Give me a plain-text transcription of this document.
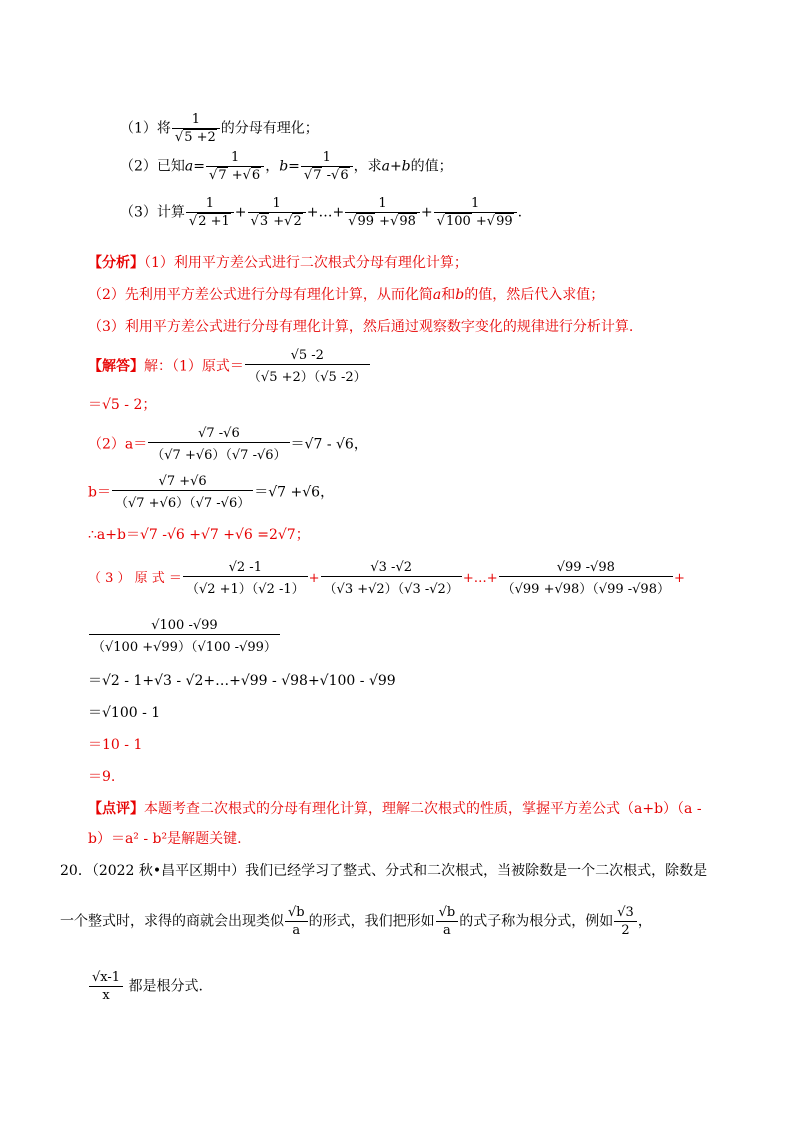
（1）将 $\frac{1}{√5 +2}$ 的分母有理化；
（2）已知$a= \frac{1}{√7 +√6}$ ，$b= \frac{1}{√7 -√6}$ ，求a+b的值；
（3）计算 $\frac{1}{√2 +1} + \frac{1}{√3 +√2}$ +…+ $\frac{1}{√99 +√98} + \frac{1}{√100 +√99}$ .
【分析】（1）利用平方差公式进行二次根式分母有理化计算；
（2）先利用平方差公式进行分母有理化计算，从而化简a和b的值，然后代入求值；
（3）利用平方差公式进行分母有理化计算，然后通过观察数字变化的规律进行分析计算.
【解答】解：（1）原式＝ $\frac{√5 -2}{(√5 +2)(√5 -2)}$
＝√5 - 2；
$(2)a= \frac{√7 -√6}{(√7 +√6)(√7 -√6)} =√7 - √6$，
$b= \frac{√7 +√6}{(√7 +√6)(√7 -√6)} =√7 +√6$，
∴a+b＝√7 -√6 +√7 +√6 =2√7；
（ 3 ） 原 式 ＝ $\frac{√2 -1}{(√2 +1)(√2 -1)} + \frac{√3 -√2}{(√3 +√2)(√3 -√2)}$ +…+ $\frac{√99 -√98}{(√99 +√98)(√99 -√98)}$ +
$\frac{√100 -√99}{(√100 +√99)(√100 -√99)}$
＝√2 - 1+√3 - √2+…+√99 - √98+√100 - √99
＝√100 - 1
＝10 - 1
＝9.
【点评】本题考查二次根式的分母有理化计算，理解二次根式的性质，掌握平方差公式（a+b）（a -
b）＝a² - b²是解题关键.
20．（2022 秋•昌平区期中）我们已经学习了整式、分式和二次根式，当被除数是一个二次根式，除数是
一个整式时，求得的商就会出现类似 $\frac{√b}{a}$ 的形式，我们把形如 $\frac{√b}{a}$ 的式子称为根分式，例如 $\frac{√3}{2}$ ，
$\frac{√x-1}{x}$ 都是根分式.
